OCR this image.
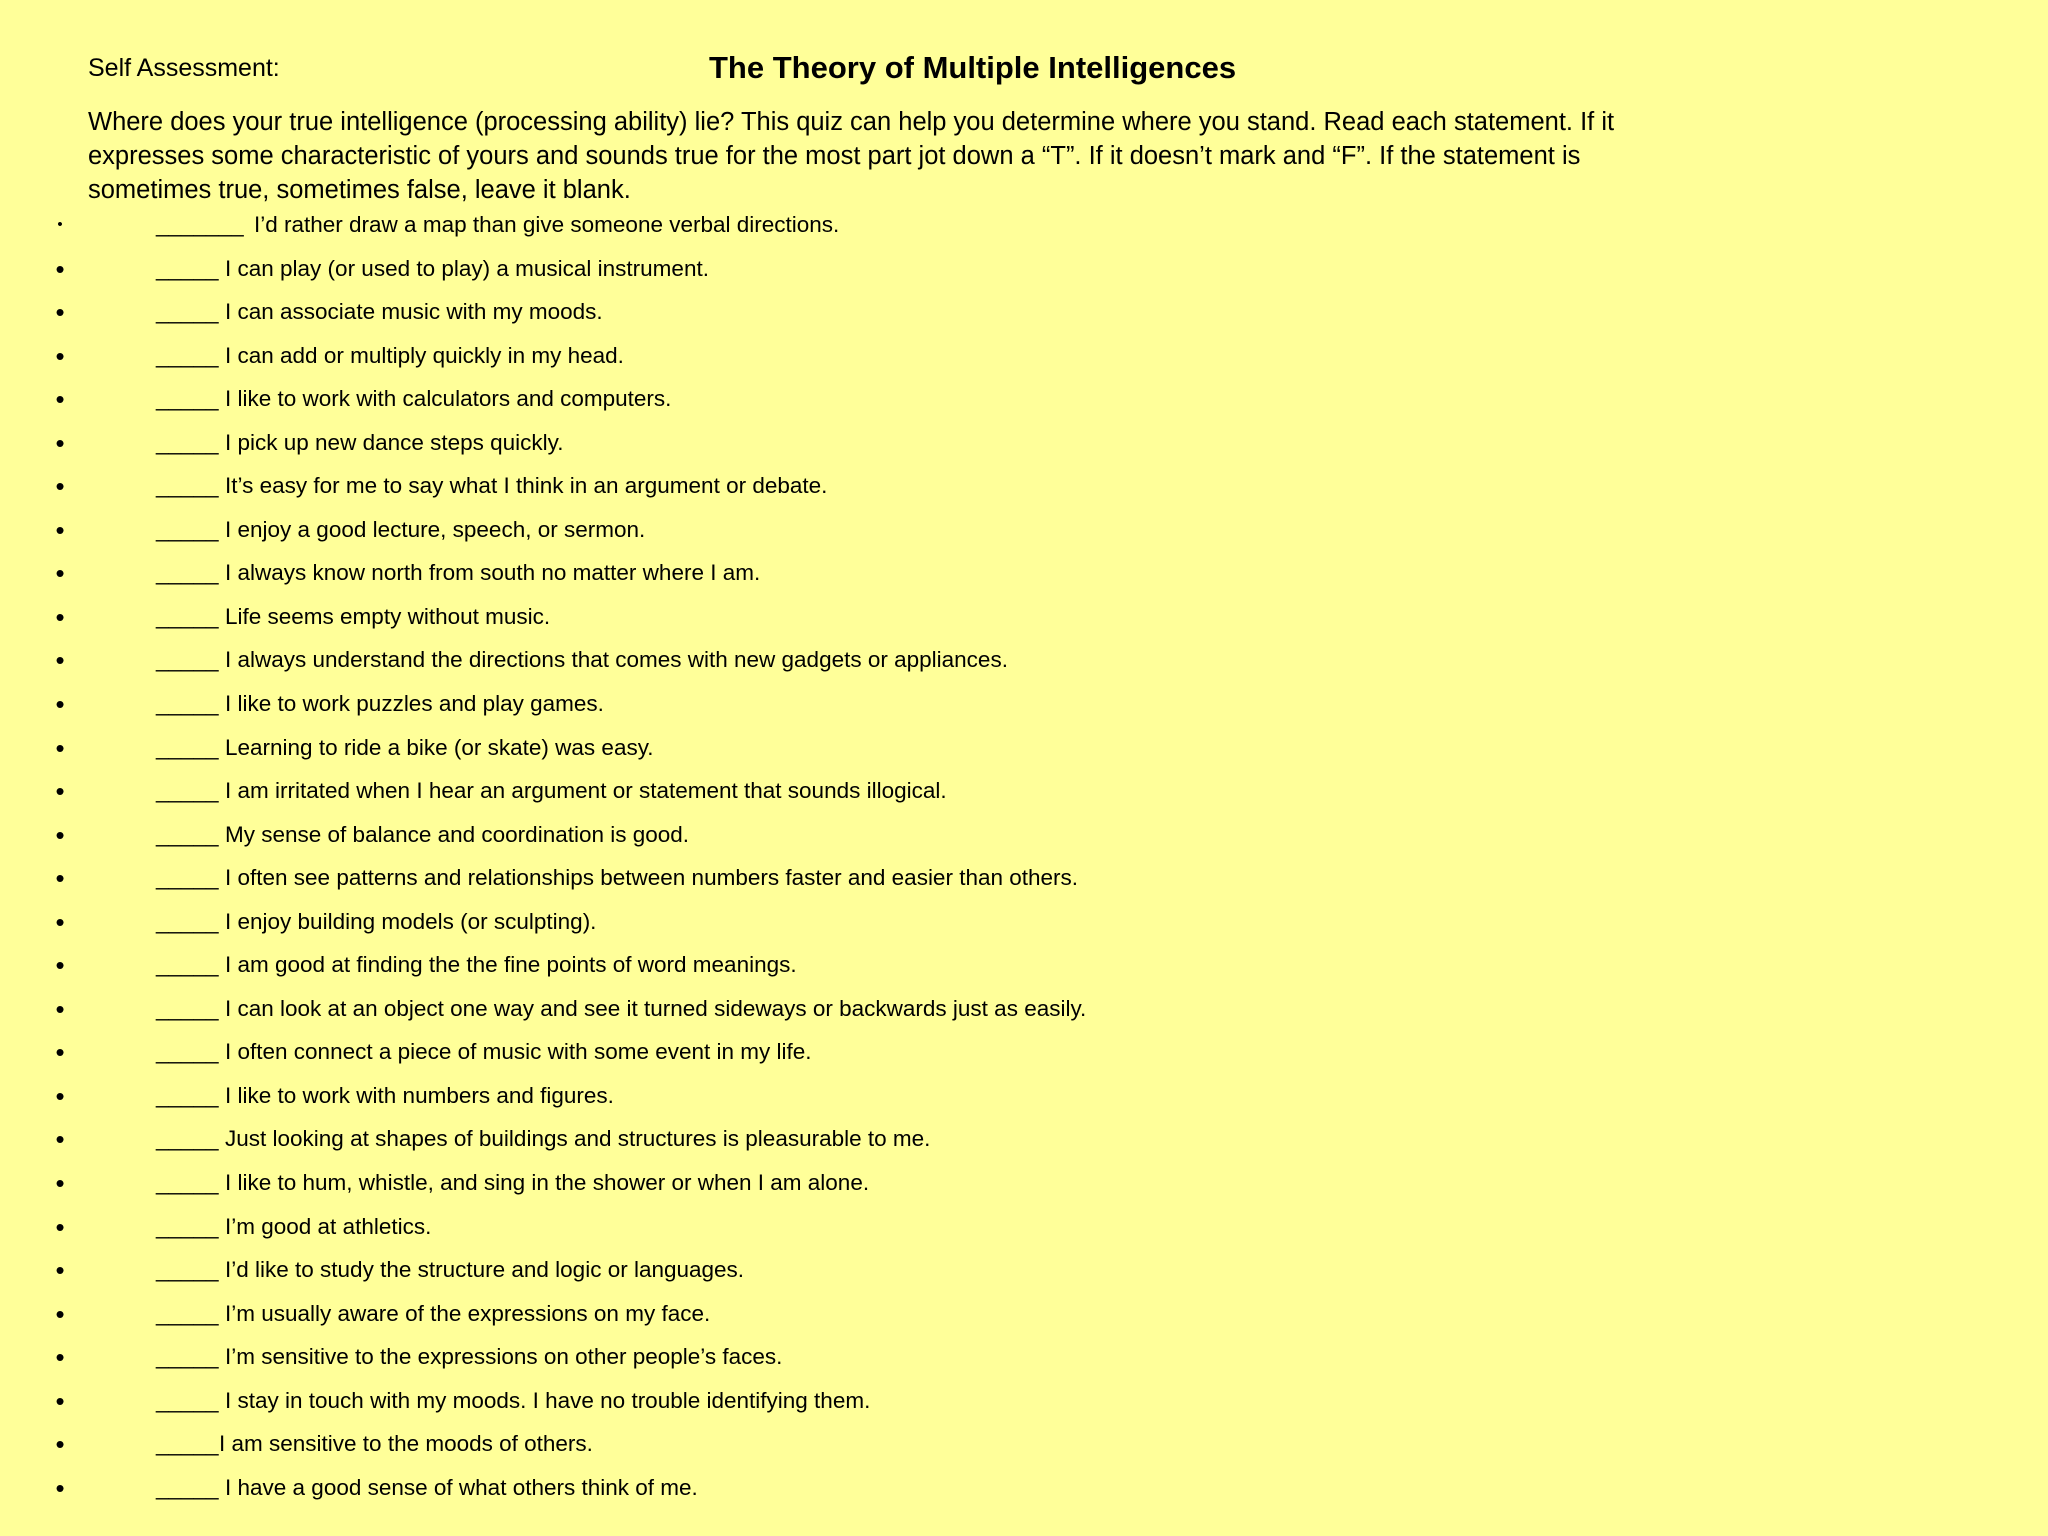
Self Assessment:	The Theory of Multiple Intelligences
Where does your true intelligence (processing ability) lie? This quiz can help you determine where you stand. Read each statement. If it expresses some characteristic of yours and sounds true for the most part jot down a “T”. If it doesn’t mark and “F”. If the statement is sometimes true, sometimes false, leave it blank.
•	_______ I’d rather draw a map than give someone verbal directions.
•	_____ I can play (or used to play) a musical instrument.
•	_____ I can associate music with my moods.
•	_____ I can add or multiply quickly in my head.
•	_____ I like to work with calculators and computers.
•	_____ I pick up new dance steps quickly.
•	_____ It’s easy for me to say what I think in an argument or debate.
•	_____ I enjoy a good lecture, speech, or sermon.
•	_____ I always know north from south no matter where I am.
•	_____ Life seems empty without music.
•	_____ I always understand the directions that comes with new gadgets or appliances.
•	_____ I like to work puzzles and play games.
•	_____ Learning to ride a bike (or skate) was easy.
•	_____ I am irritated when I hear an argument or statement that sounds illogical.
•	_____ My sense of balance and coordination is good.
•	_____ I often see patterns and relationships between numbers faster and easier than others.
•	_____ I enjoy building models (or sculpting).
•	_____ I am good at finding the the fine points of word meanings.
•	_____ I can look at an object one way and see it turned sideways or backwards just as easily.
•	_____ I often connect a piece of music with some event in my life.
•	_____ I like to work with numbers and figures.
•	_____ Just looking at shapes of buildings and structures is pleasurable to me.
•	_____ I like to hum, whistle, and sing in the shower or when I am alone.
•	_____ I’m good at athletics.
•	_____ I’d like to study the structure and logic or languages.
•	_____ I’m usually aware of the expressions on my face.
•	_____ I’m sensitive to the expressions on other people’s faces.
•	_____ I stay in touch with my moods. I have no trouble identifying them.
•	_____ I am sensitive to the moods of others.
•	_____ I have a good sense of what others think of me.
